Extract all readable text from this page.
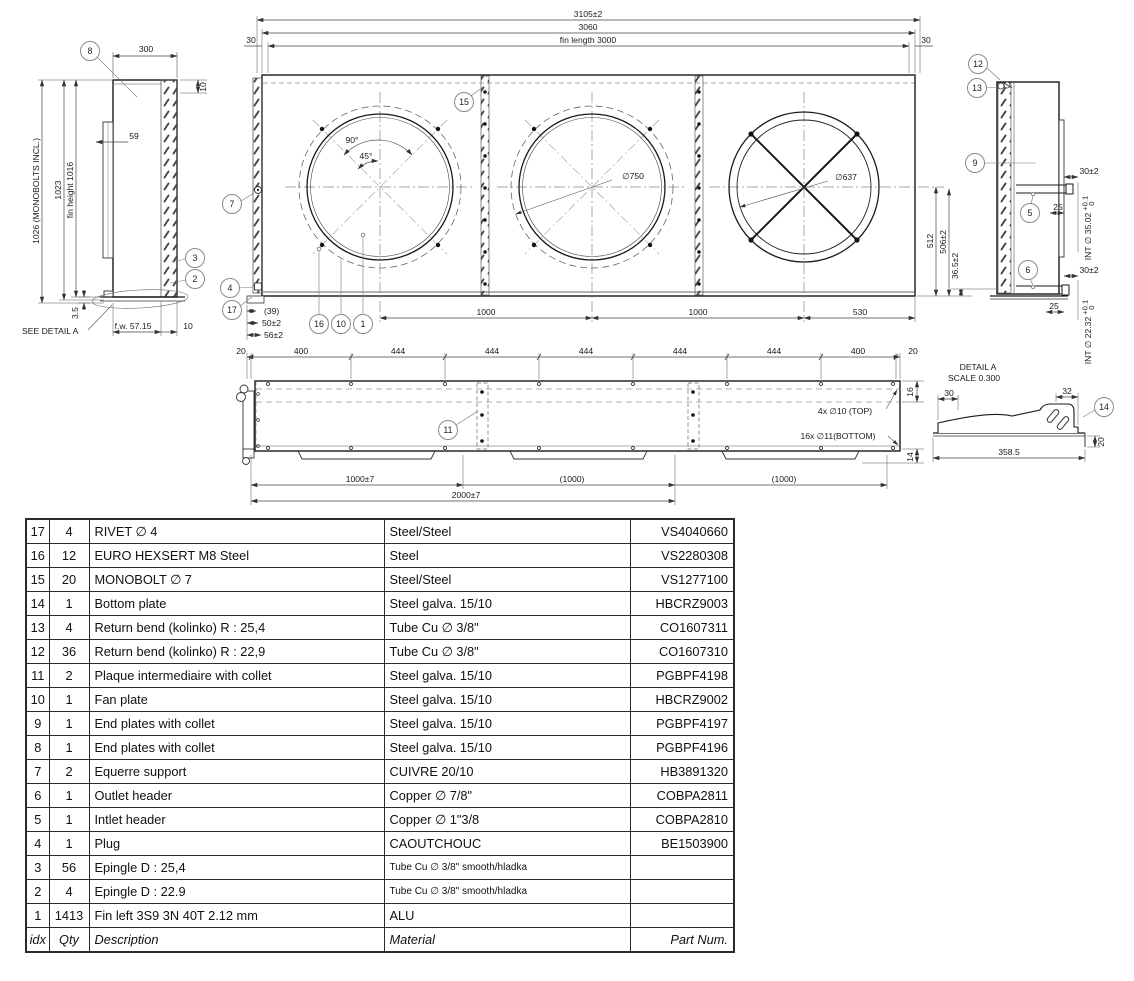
300
10
59
1026 (MONOBOLTS INCL.) 1023 fin height 1016
3.5
f.w. 57.15	10
SEE DETAIL A
90°
45°
∅750	∅637
3105±2
3060
fin length 3000
30	30
1000	1000	530
(39)
50±2
56±2
512 506±2
36.5±2
30±2
25
INT ∅ 35.02+0.10
30±2
25
INT ∅ 22.32+0.10
20	400	444	444	444	444	444	400	20
4x ∅10 (TOP)
16x ∅11(BOTTOM)
1000±7	(1000)	(1000)
2000±7
16
14
DETAIL A
SCALE 0.300
30	32
20
358.5
8
3
2
7
4
17
15
16 10 1
12
13
9
5
6
11
14
17	4	RIVET ∅ 4	Steel/Steel	VS4040660
16	12	EURO HEXSERT M8 Steel	Steel	VS2280308
15	20	MONOBOLT ∅ 7	Steel/Steel	VS1277100
14	1	Bottom plate	Steel galva. 15/10	HBCRZ9003
13	4	Return bend (kolinko) R : 25,4	Tube Cu ∅ 3/8"	CO1607311
12	36	Return bend (kolinko) R : 22,9	Tube Cu ∅ 3/8"	CO1607310
11	2	Plaque intermediaire with collet	Steel galva. 15/10	PGBPF4198
10	1	Fan plate	Steel galva. 15/10	HBCRZ9002
9	1	End plates with collet	Steel galva. 15/10	PGBPF4197
8	1	End plates with collet	Steel galva. 15/10	PGBPF4196
7	2	Equerre support	CUIVRE 20/10	HB3891320
6	1	Outlet header	Copper ∅ 7/8"	COBPA2811
5	1	Intlet header	Copper ∅ 1"3/8	COBPA2810
4	1	Plug	CAOUTCHOUC	BE1503900
3	56	Epingle D : 25,4	Tube Cu ∅ 3/8" smooth/hladka	
2	4	Epingle D : 22.9	Tube Cu ∅ 3/8" smooth/hladka	
1	1413	Fin left 3S9 3N 40T 2.12 mm	ALU	
idx	Qty	Description	Material	Part Num.
